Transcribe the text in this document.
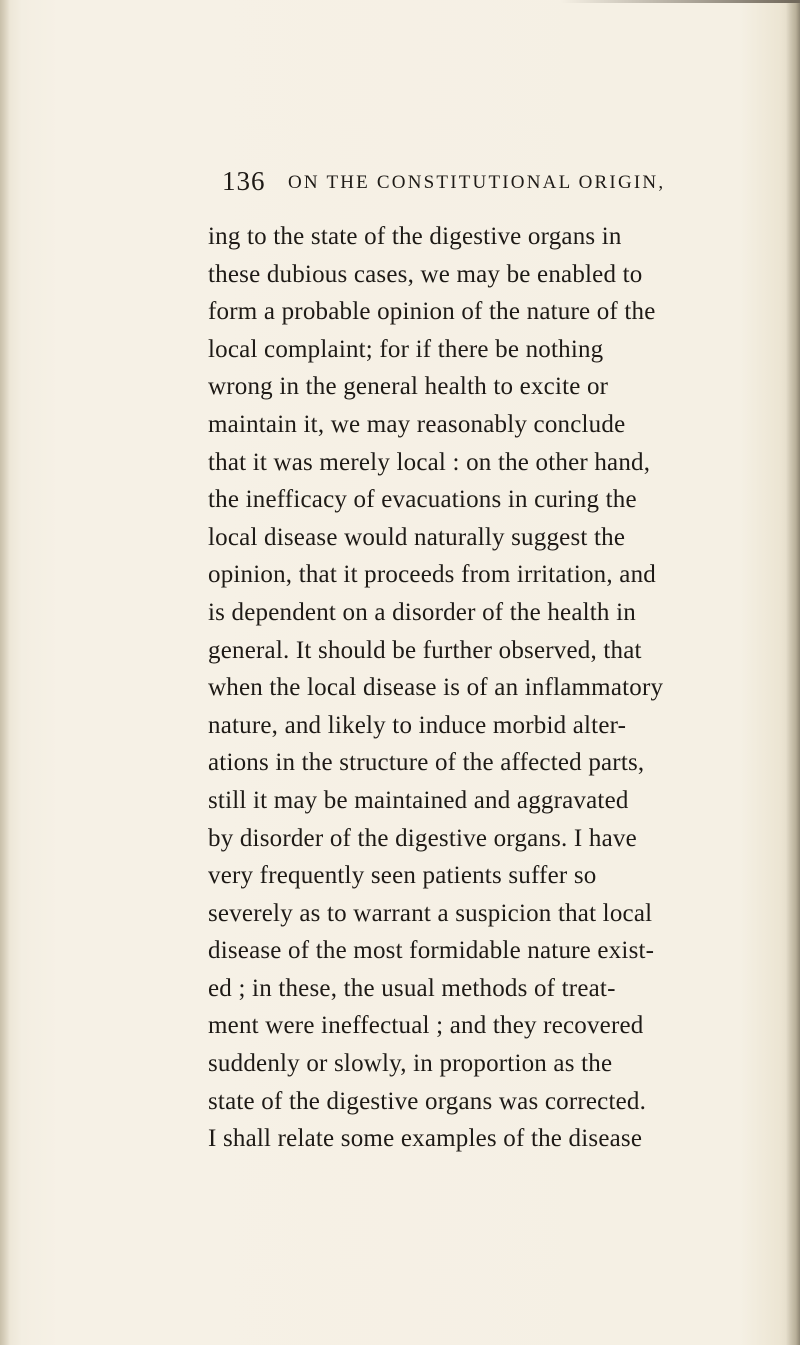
136 ON THE CONSTITUTIONAL ORIGIN,
ing to the state of the digestive organs in
these dubious cases, we may be enabled to
form a probable opinion of the nature of the
local complaint; for if there be nothing
wrong in the general health to excite or
maintain it, we may reasonably conclude
that it was merely local : on the other hand,
the inefficacy of evacuations in curing the
local disease would naturally suggest the
opinion, that it proceeds from irritation, and
is dependent on a disorder of the health in
general. It should be further observed, that
when the local disease is of an inflammatory
nature, and likely to induce morbid alter-
ations in the structure of the affected parts,
still it may be maintained and aggravated
by disorder of the digestive organs. I have
very frequently seen patients suffer so
severely as to warrant a suspicion that local
disease of the most formidable nature exist-
ed ; in these, the usual methods of treat-
ment were ineffectual ; and they recovered
suddenly or slowly, in proportion as the
state of the digestive organs was corrected.
I shall relate some examples of the disease
